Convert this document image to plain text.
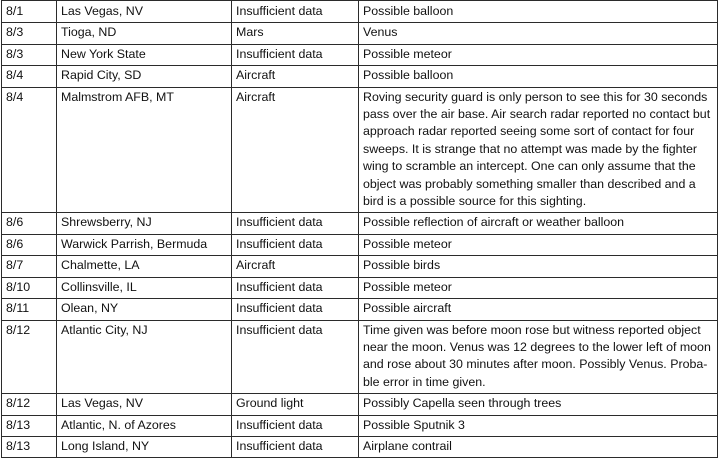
8/1	Las Vegas, NV	Insufficient data	Possible balloon
8/3	Tioga, ND	Mars	Venus
8/3	New York State	Insufficient data	Possible meteor
8/4	Rapid City, SD	Aircraft	Possible balloon
8/4	Malmstrom AFB, MT	Aircraft	Roving security guard is only person to see this for 30 seconds pass over the air base. Air search radar reported no contact but approach radar reported seeing some sort of contact for four sweeps. It is strange that no attempt was made by the fighter wing to scramble an intercept. One can only assume that the object was probably something smaller than described and a bird is a possible source for this sighting.
8/6	Shrewsberry, NJ	Insufficient data	Possible reflection of aircraft or weather balloon
8/6	Warwick Parrish, Bermuda	Insufficient data	Possible meteor
8/7	Chalmette, LA	Aircraft	Possible birds
8/10	Collinsville, IL	Insufficient data	Possible meteor
8/11	Olean, NY	Insufficient data	Possible aircraft
8/12	Atlantic City, NJ	Insufficient data	Time given was before moon rose but witness reported object near the moon. Venus was 12 degrees to the lower left of moon and rose about 30 minutes after moon. Possibly Venus. Proba-ble error in time given.
8/12	Las Vegas, NV	Ground light	Possibly Capella seen through trees
8/13	Atlantic, N. of Azores	Insufficient data	Possible Sputnik 3
8/13	Long Island, NY	Insufficient data	Airplane contrail
